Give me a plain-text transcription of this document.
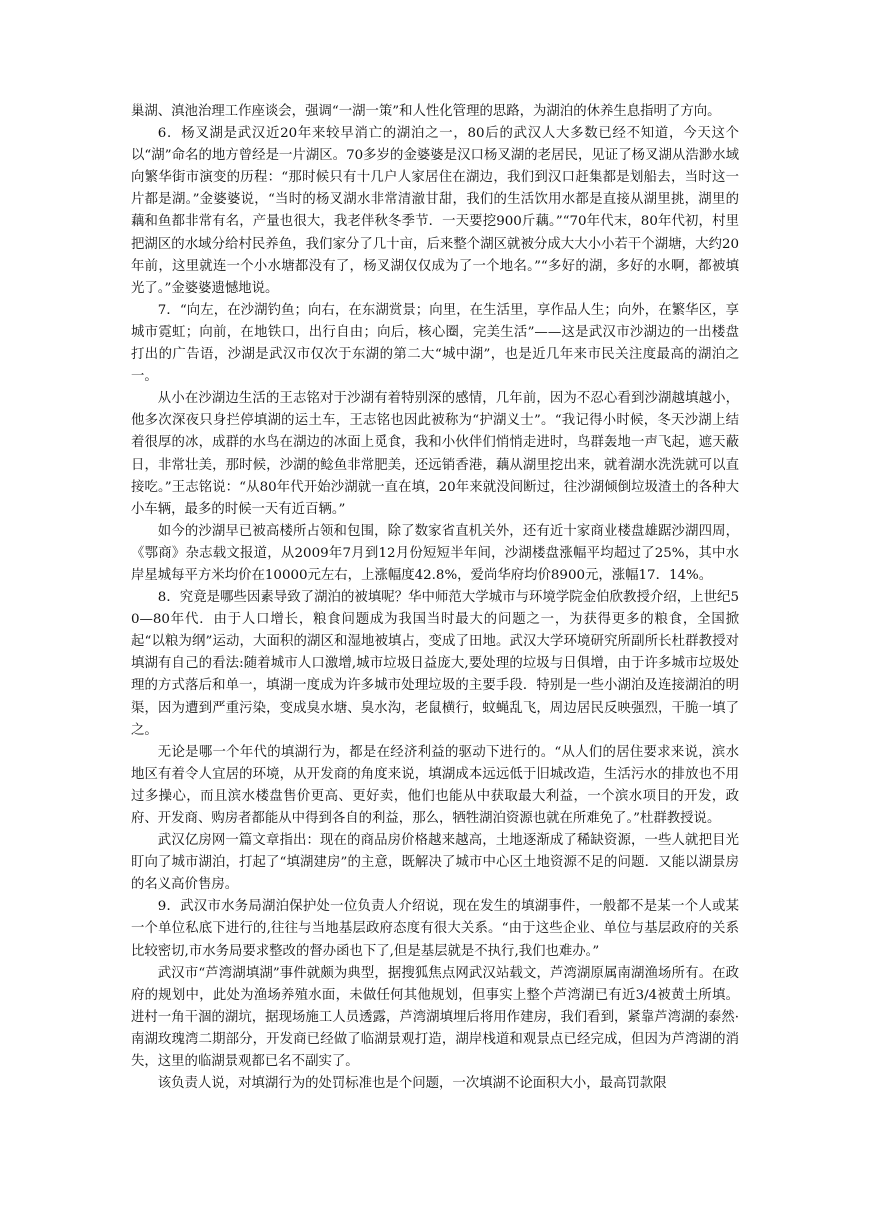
巢湖、滇池治理工作座谈会，强调“一湖一策”和人性化管理的思路，为湖泊的休养生息指明了方向。

6．杨叉湖是武汉近20年来较早消亡的湖泊之一，80后的武汉人大多数已经不知道，今天这个以“湖”命名的地方曾经是一片湖区。70多岁的金婆婆是汉口杨叉湖的老居民，见证了杨叉湖从浩渺水域向繁华街市演变的历程：“那时候只有十几户人家居住在湖边，我们到汉口赶集都是划船去，当时这一片都是湖。”金婆婆说，“当时的杨叉湖水非常清澈甘甜，我们的生活饮用水都是直接从湖里挑，湖里的藕和鱼都非常有名，产量也很大，我老伴秋冬季节．一天要挖900斤藕。”“70年代末，80年代初，村里把湖区的水域分给村民养鱼，我们家分了几十亩，后来整个湖区就被分成大大小小若干个湖塘，大约20年前，这里就连一个小水塘都没有了，杨叉湖仅仅成为了一个地名。”“多好的湖，多好的水啊，都被填光了。”金婆婆遗憾地说。

7．“向左，在沙湖钓鱼；向右，在东湖赏景；向里，在生活里，享作品人生；向外，在繁华区，享城市霓虹；向前，在地铁口，出行自由；向后，核心圈，完美生活”——这是武汉市沙湖边的一出楼盘打出的广告语，沙湖是武汉市仅次于东湖的第二大“城中湖”，也是近几年来市民关注度最高的湖泊之一。

从小在沙湖边生活的王志铭对于沙湖有着特别深的感情，几年前，因为不忍心看到沙湖越填越小，他多次深夜只身拦停填湖的运土车，王志铭也因此被称为“护湖义士”。“我记得小时候，冬天沙湖上结着很厚的冰，成群的水鸟在湖边的冰面上觅食，我和小伙伴们悄悄走进时，鸟群轰地一声飞起，遮天蔽日，非常壮美，那时候，沙湖的鲶鱼非常肥美，还远销香港，藕从湖里挖出来，就着湖水洗洗就可以直接吃。”王志铭说：“从80年代开始沙湖就一直在填，20年来就没间断过，往沙湖倾倒垃圾渣土的各种大小车辆，最多的时候一天有近百辆。”

如今的沙湖早已被高楼所占领和包围，除了数家省直机关外，还有近十家商业楼盘雄踞沙湖四周，《鄂商》杂志载文报道，从2009年7月到12月份短短半年间，沙湖楼盘涨幅平均超过了25%，其中水岸星城每平方米均价在10000元左右，上涨幅度42.8%，爱尚华府均价8900元，涨幅17．14%。

8．究竟是哪些因素导致了湖泊的被填呢？华中师范大学城市与环境学院金伯欣教授介绍，上世纪50—80年代．由于人口增长，粮食问题成为我国当时最大的问题之一，为获得更多的粮食，全国掀起“以粮为纲”运动，大面积的湖区和湿地被填占，变成了田地。武汉大学环境研究所副所长杜群教授对填湖有自己的看法:随着城市人口激增,城市垃圾日益庞大,要处理的垃圾与日俱增，由于许多城市垃圾处理的方式落后和单一，填湖一度成为许多城市处理垃圾的主要手段．特别是一些小湖泊及连接湖泊的明渠，因为遭到严重污染，变成臭水塘、臭水沟，老鼠横行，蚊蝇乱飞，周边居民反映强烈，干脆一填了之。

无论是哪一个年代的填湖行为，都是在经济利益的驱动下进行的。“从人们的居住要求来说，滨水地区有着令人宜居的环境，从开发商的角度来说，填湖成本远远低于旧城改造，生活污水的排放也不用过多操心，而且滨水楼盘售价更高、更好卖，他们也能从中获取最大利益，一个滨水项目的开发，政府、开发商、购房者都能从中得到各自的利益，那么，牺牲湖泊资源也就在所难免了。”杜群教授说。

武汉亿房网一篇文章指出：现在的商品房价格越来越高，土地逐渐成了稀缺资源，一些人就把目光盯向了城市湖泊，打起了“填湖建房”的主意，既解决了城市中心区土地资源不足的问题．又能以湖景房的名义高价售房。

9．武汉市水务局湖泊保护处一位负责人介绍说，现在发生的填湖事件，一般都不是某一个人或某一个单位私底下进行的,往往与当地基层政府态度有很大关系。“由于这些企业、单位与基层政府的关系比较密切,市水务局要求整改的督办函也下了,但是基层就是不执行,我们也难办。”

武汉市“芦湾湖填湖”事件就颇为典型，据搜狐焦点网武汉站载文，芦湾湖原属南湖渔场所有。在政府的规划中，此处为渔场养殖水面，未做任何其他规划，但事实上整个芦湾湖已有近3/4被黄土所填。进村一角干涸的湖坑，据现场施工人员透露，芦湾湖填埋后将用作建房，我们看到，紧靠芦湾湖的泰然·南湖玫瑰湾二期部分，开发商已经做了临湖景观打造，湖岸栈道和观景点已经完成，但因为芦湾湖的消失，这里的临湖景观都已名不副实了。

该负责人说，对填湖行为的处罚标准也是个问题，一次填湖不论面积大小，最高罚款限
